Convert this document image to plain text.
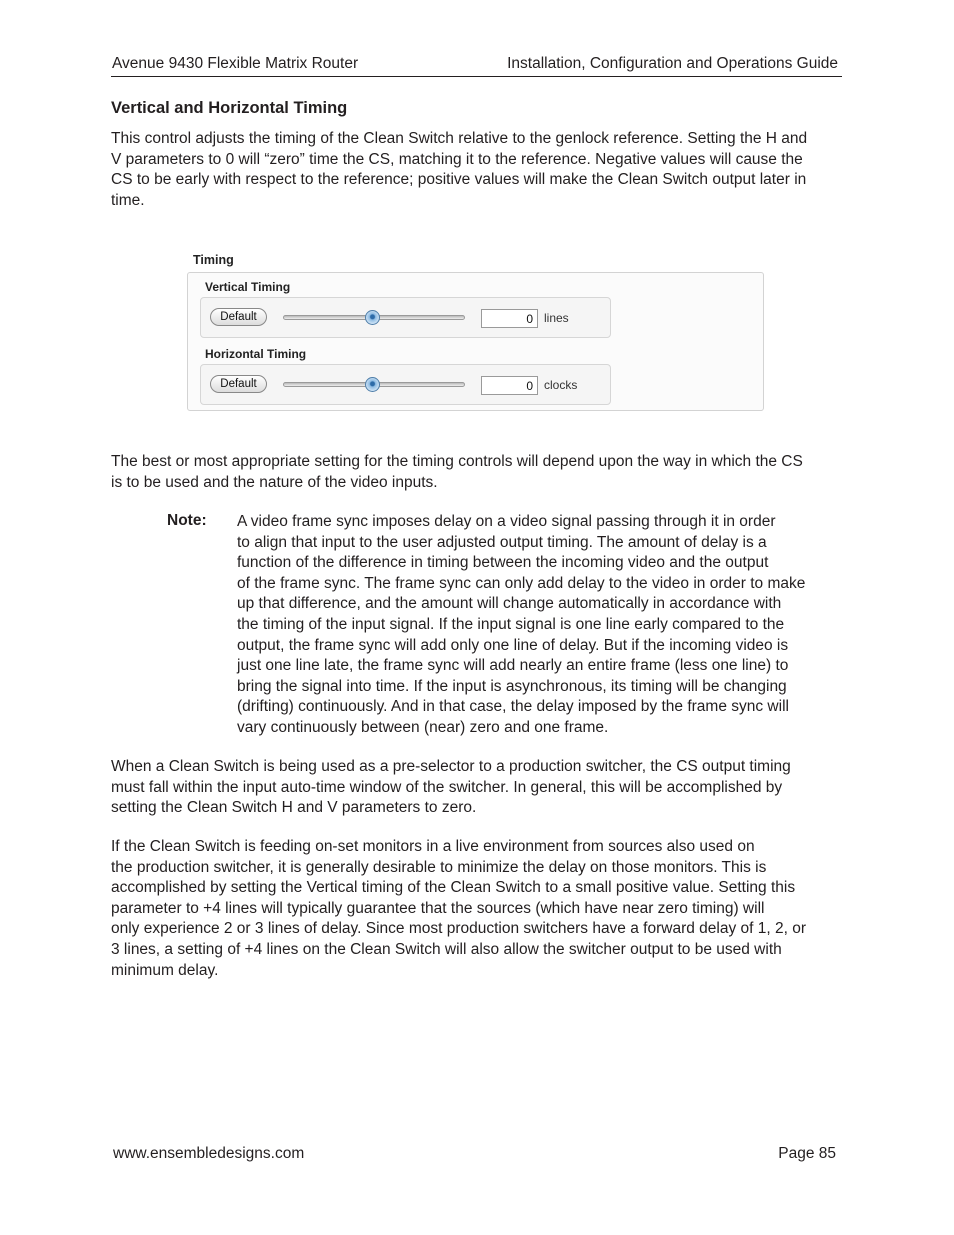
Avenue 9430 Flexible Matrix Router	Installation, Configuration and Operations Guide
Vertical and Horizontal Timing

This control adjusts the timing of the Clean Switch relative to the genlock reference. Setting the H and
V parameters to 0 will “zero” time the CS, matching it to the reference. Negative values will cause the
CS to be early with respect to the reference; positive values will make the Clean Switch output later in
time.

Timing
Vertical Timing
Default	0 lines
Horizontal Timing
Default	0 clocks

The best or most appropriate setting for the timing controls will depend upon the way in which the CS
is to be used and the nature of the video inputs.

Note: A video frame sync imposes delay on a video signal passing through it in order
to align that input to the user adjusted output timing. The amount of delay is a
function of the difference in timing between the incoming video and the output
of the frame sync. The frame sync can only add delay to the video in order to make
up that difference, and the amount will change automatically in accordance with
the timing of the input signal. If the input signal is one line early compared to the
output, the frame sync will add only one line of delay. But if the incoming video is
just one line late, the frame sync will add nearly an entire frame (less one line) to
bring the signal into time. If the input is asynchronous, its timing will be changing
(drifting) continuously. And in that case, the delay imposed by the frame sync will
vary continuously between (near) zero and one frame.

When a Clean Switch is being used as a pre-selector to a production switcher, the CS output timing
must fall within the input auto-time window of the switcher. In general, this will be accomplished by
setting the Clean Switch H and V parameters to zero.

If the Clean Switch is feeding on-set monitors in a live environment from sources also used on
the production switcher, it is generally desirable to minimize the delay on those monitors. This is
accomplished by setting the Vertical timing of the Clean Switch to a small positive value. Setting this
parameter to +4 lines will typically guarantee that the sources (which have near zero timing) will
only experience 2 or 3 lines of delay. Since most production switchers have a forward delay of 1, 2, or
3 lines, a setting of +4 lines on the Clean Switch will also allow the switcher output to be used with
minimum delay.

www.ensembledesigns.com	Page 85
